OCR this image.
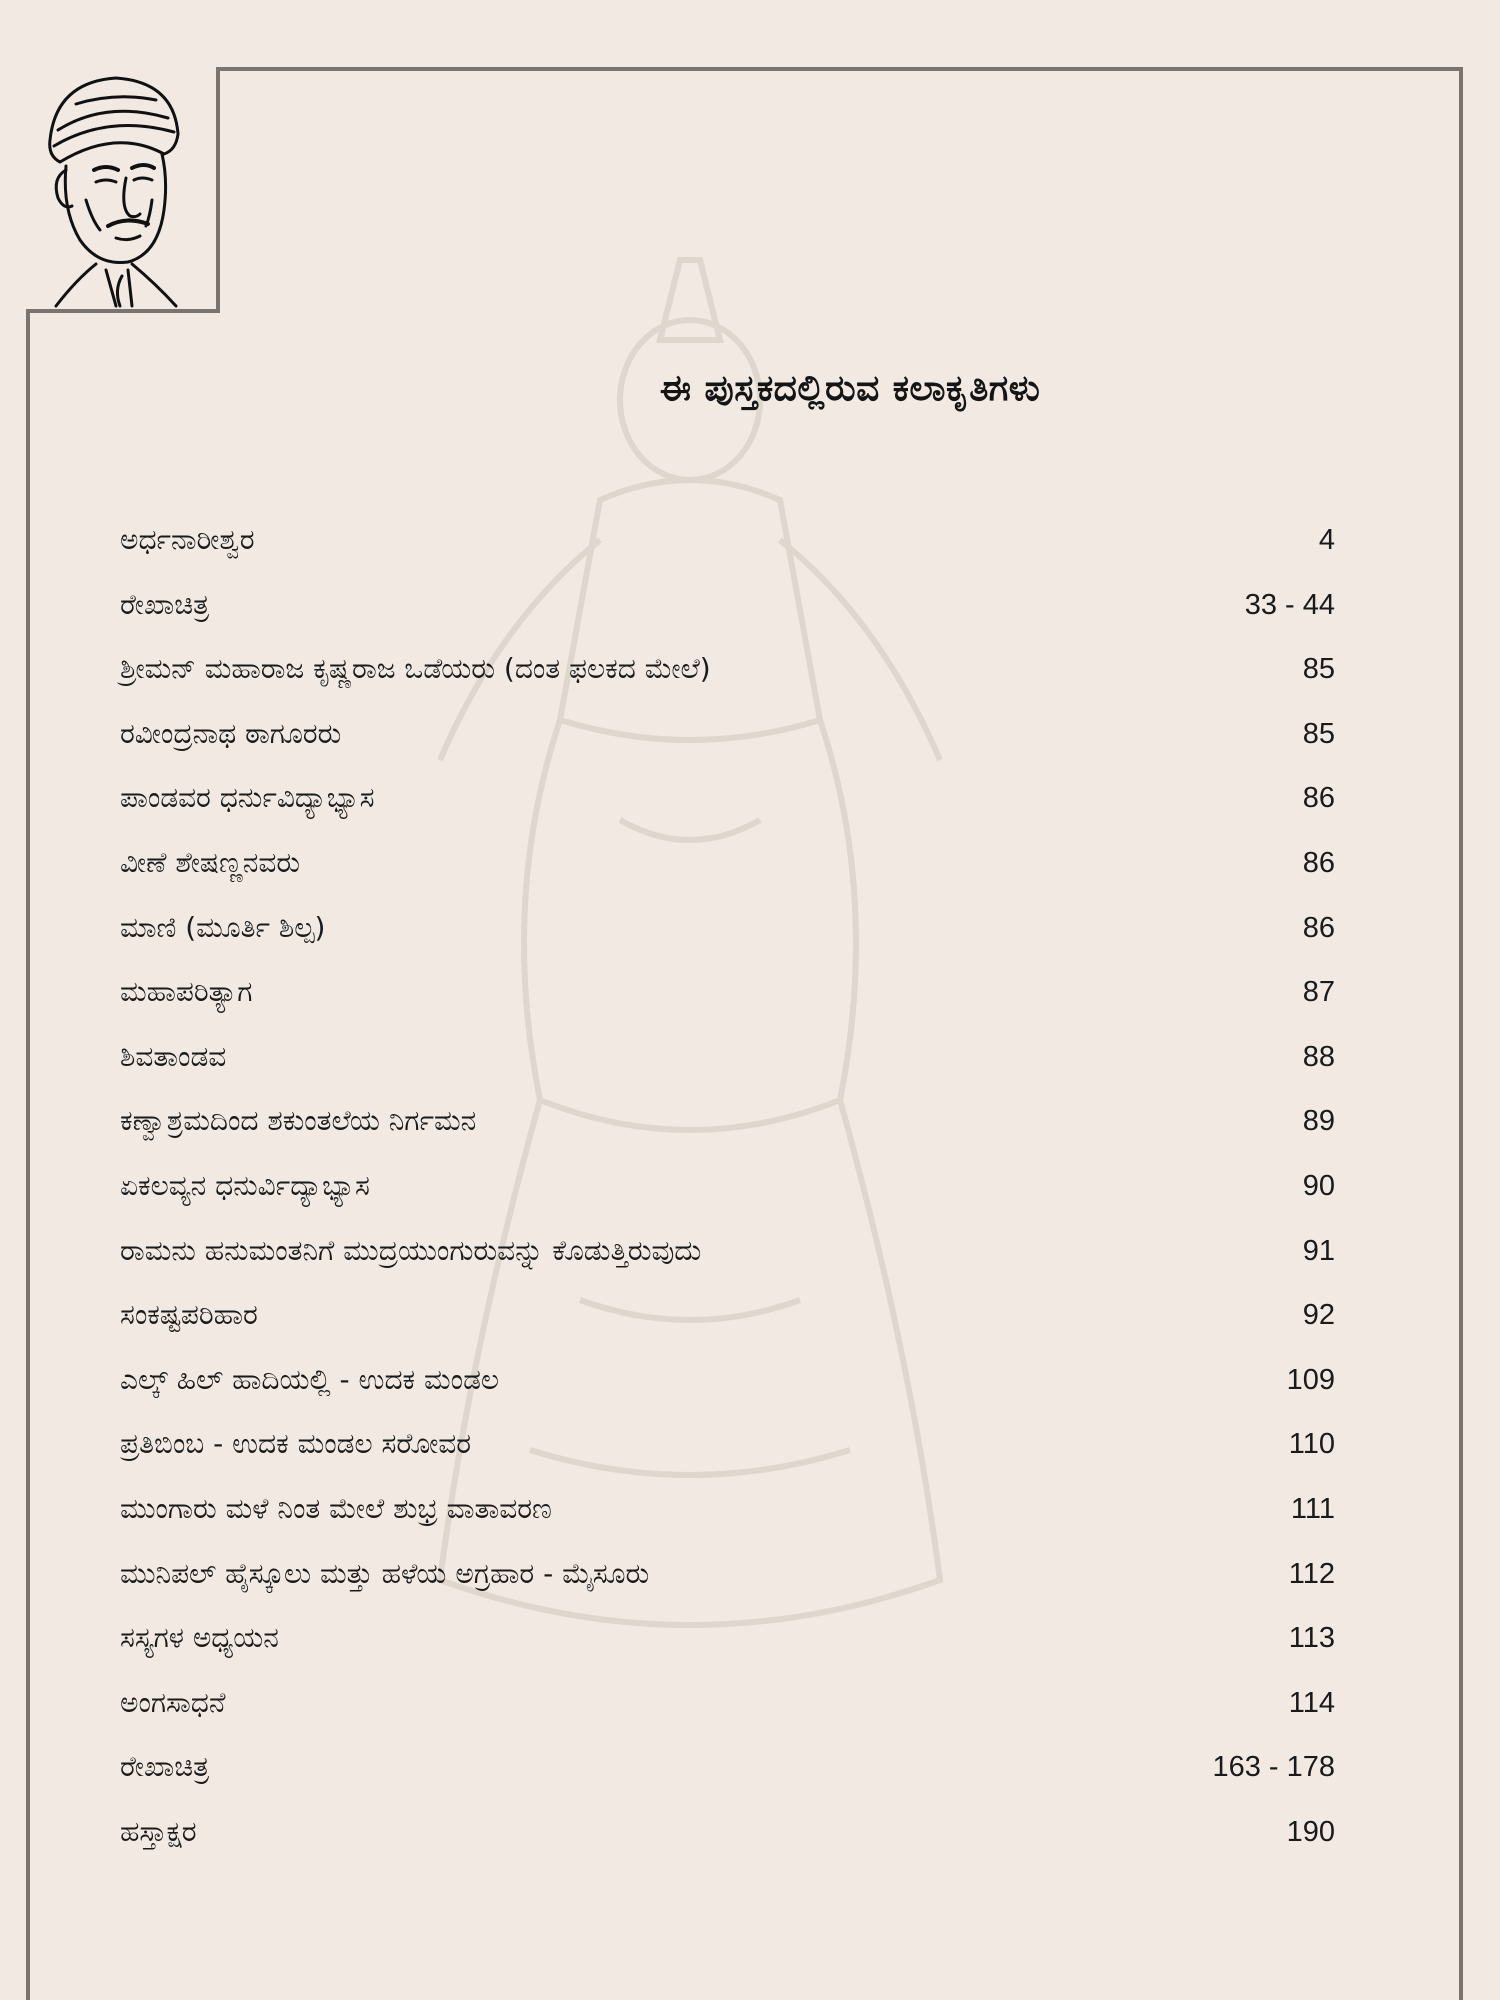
ಈ ಪುಸ್ತಕದಲ್ಲಿರುವ ಕಲಾಕೃತಿಗಳು
ಅರ್ಧನಾರೀಶ್ವರ	4
ರೇಖಾಚಿತ್ರ	33 - 44
ಶ್ರೀಮನ್ ಮಹಾರಾಜ ಕೃಷ್ಣರಾಜ ಒಡೆಯರು (ದಂತ ಫಲಕದ ಮೇಲೆ)	85
ರವೀಂದ್ರನಾಥ ಠಾಗೂರರು	85
ಪಾಂಡವರ ಧರ್ನುವಿದ್ಯಾಭ್ಯಾಸ	86
ವೀಣೆ ಶೇಷಣ್ಣನವರು	86
ಮಾಣಿ (ಮೂರ್ತಿ ಶಿಲ್ಪ)	86
ಮಹಾಪರಿತ್ಯಾಗ	87
ಶಿವತಾಂಡವ	88
ಕಣ್ವಾಶ್ರಮದಿಂದ ಶಕುಂತಲೆಯ ನಿರ್ಗಮನ	89
ಏಕಲವ್ಯನ ಧನುರ್ವಿದ್ಯಾಭ್ಯಾಸ	90
ರಾಮನು ಹನುಮಂತನಿಗೆ ಮುದ್ರಯುಂಗುರುವನ್ನು ಕೊಡುತ್ತಿರುವುದು	91
ಸಂಕಷ್ಟಪರಿಹಾರ	92
ಎಲ್ಕ್ ಹಿಲ್ ಹಾದಿಯಲ್ಲಿ - ಉದಕ ಮಂಡಲ	109
ಪ್ರತಿಬಿಂಬ - ಉದಕ ಮಂಡಲ ಸರೋವರ	110
ಮುಂಗಾರು ಮಳೆ ನಿಂತ ಮೇಲೆ ಶುಭ್ರ ವಾತಾವರಣ	111
ಮುನಿಪಲ್ ಹೈಸ್ಕೂಲು ಮತ್ತು ಹಳೆಯ ಅಗ್ರಹಾರ - ಮೈಸೂರು	112
ಸಸ್ಯಗಳ ಅಧ್ಯಯನ	113
ಅಂಗಸಾಧನೆ	114
ರೇಖಾಚಿತ್ರ	163 - 178
ಹಸ್ತಾಕ್ಷರ	190
